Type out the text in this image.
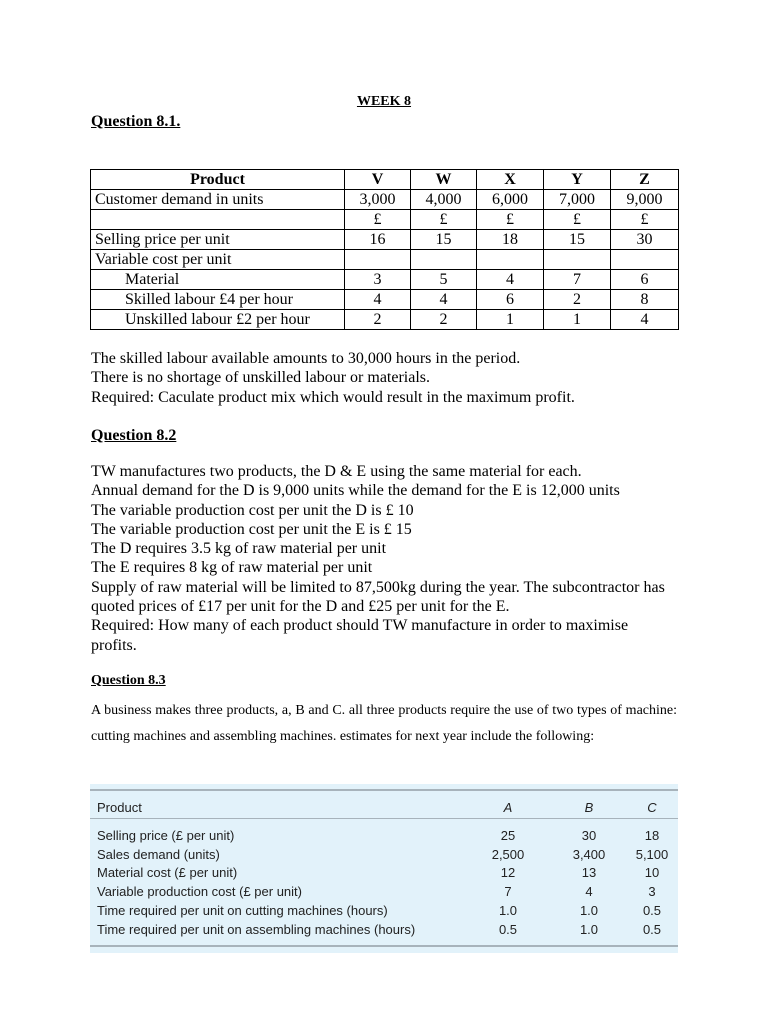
WEEK 8
Question 8.1.
Product	V	W	X	Y	Z
Customer demand in units	3,000	4,000	6,000	7,000	9,000
	£	£	£	£	£
Selling price per unit	16	15	18	15	30
Variable cost per unit					
Material	3	5	4	7	6
Skilled labour £4 per hour	4	4	6	2	8
Unskilled labour £2 per hour	2	2	1	1	4
The skilled labour available amounts to 30,000 hours in the period.
There is no shortage of unskilled labour or materials.
Required: Caculate product mix which would result in the maximum profit.
Question 8.2
TW manufactures two products, the D & E using the same material for each.
Annual demand for the D is 9,000 units while the demand for the E is 12,000 units
The variable production cost per unit the D is £ 10
The variable production cost per unit the E is £ 15
The D requires 3.5 kg of raw material per unit
The E requires 8 kg of raw material per unit
Supply of raw material will be limited to 87,500kg during the year. The subcontractor has
quoted prices of £17 per unit for the D and £25 per unit for the E.
Required: How many of each product should TW manufacture in order to maximise
profits.
Question 8.3
A business makes three products, a, B and C. all three products require the use of two types of machine: cutting machines and assembling machines. estimates for next year include the following:
Product	A	B	C
Selling price (£ per unit)	25	30	18
Sales demand (units)	2,500	3,400	5,100
Material cost (£ per unit)	12	13	10
Variable production cost (£ per unit)	7	4	3
Time required per unit on cutting machines (hours)	1.0	1.0	0.5
Time required per unit on assembling machines (hours)	0.5	1.0	0.5
